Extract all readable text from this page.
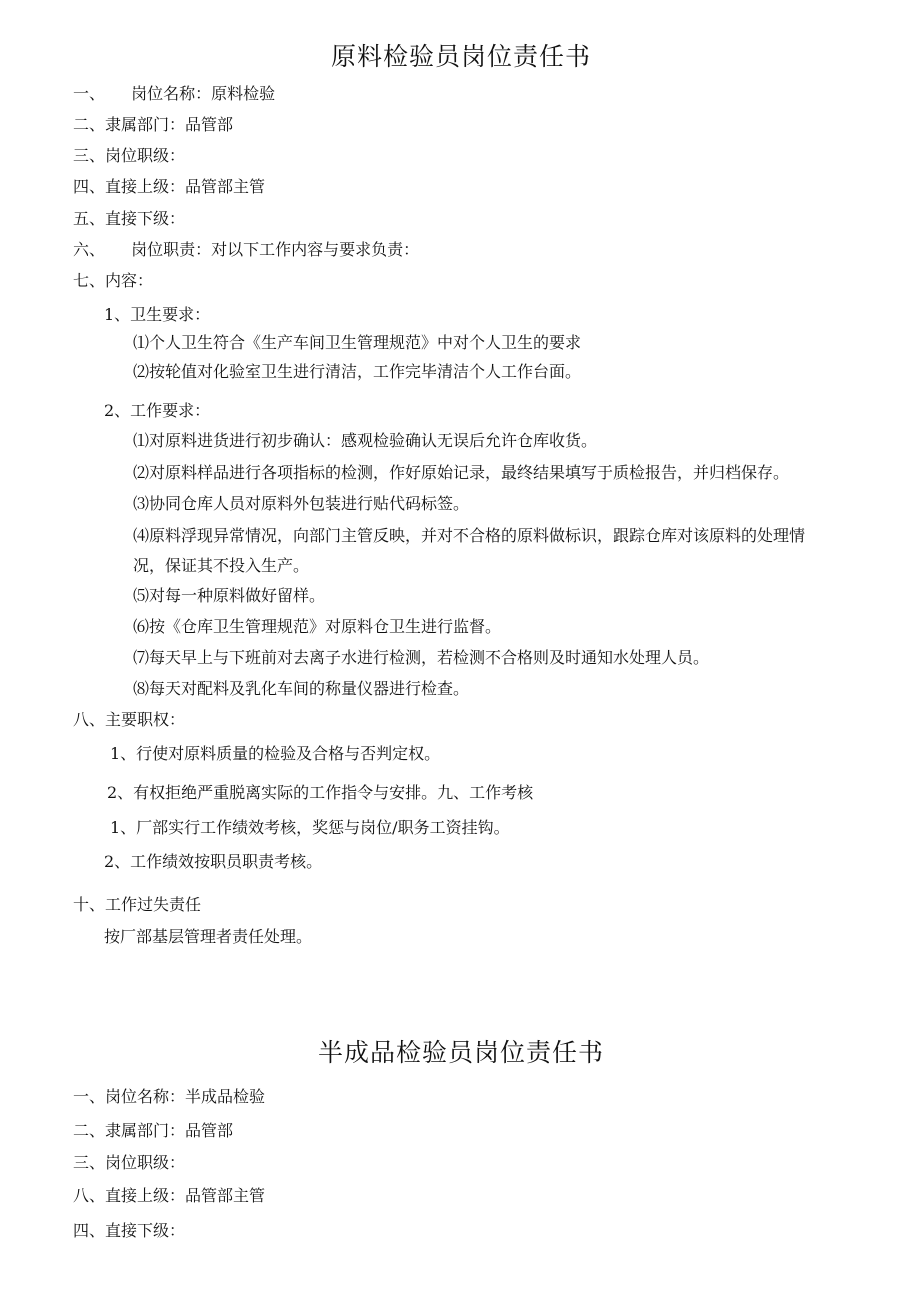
原料检验员岗位责任书
一、 　 岗位名称：原料检验
二、隶属部门：品管部
三、岗位职级：
四、直接上级：品管部主管
五、直接下级：
六、 　 岗位职责：对以下工作内容与要求负责：
七、内容：
1、卫生要求：
⑴个人卫生符合《生产车间卫生管理规范》中对个人卫生的要求
⑵按轮值对化验室卫生进行清洁，工作完毕清洁个人工作台面。
2、工作要求：
⑴对原料进货进行初步确认：感观检验确认无误后允许仓库收货。
⑵对原料样品进行各项指标的检测，作好原始记录，最终结果填写于质检报告，并归档保存。
⑶协同仓库人员对原料外包装进行贴代码标签。
⑷原料浮现异常情况，向部门主管反映，并对不合格的原料做标识，跟踪仓库对该原料的处理情
况，保证其不投入生产。
⑸对每一种原料做好留样。
⑹按《仓库卫生管理规范》对原料仓卫生进行监督。
⑺每天早上与下班前对去离子水进行检测，若检测不合格则及时通知水处理人员。
⑻每天对配料及乳化车间的称量仪器进行检查。
八、主要职权：
1、行使对原料质量的检验及合格与否判定权。
2、有权拒绝严重脱离实际的工作指令与安排。九、工作考核
1、厂部实行工作绩效考核，奖惩与岗位/职务工资挂钩。
2、工作绩效按职员职责考核。
十、工作过失责任
按厂部基层管理者责任处理。
半成品检验员岗位责任书
一、岗位名称：半成品检验
二、隶属部门：品管部
三、岗位职级：
八、直接上级：品管部主管
四、直接下级：
